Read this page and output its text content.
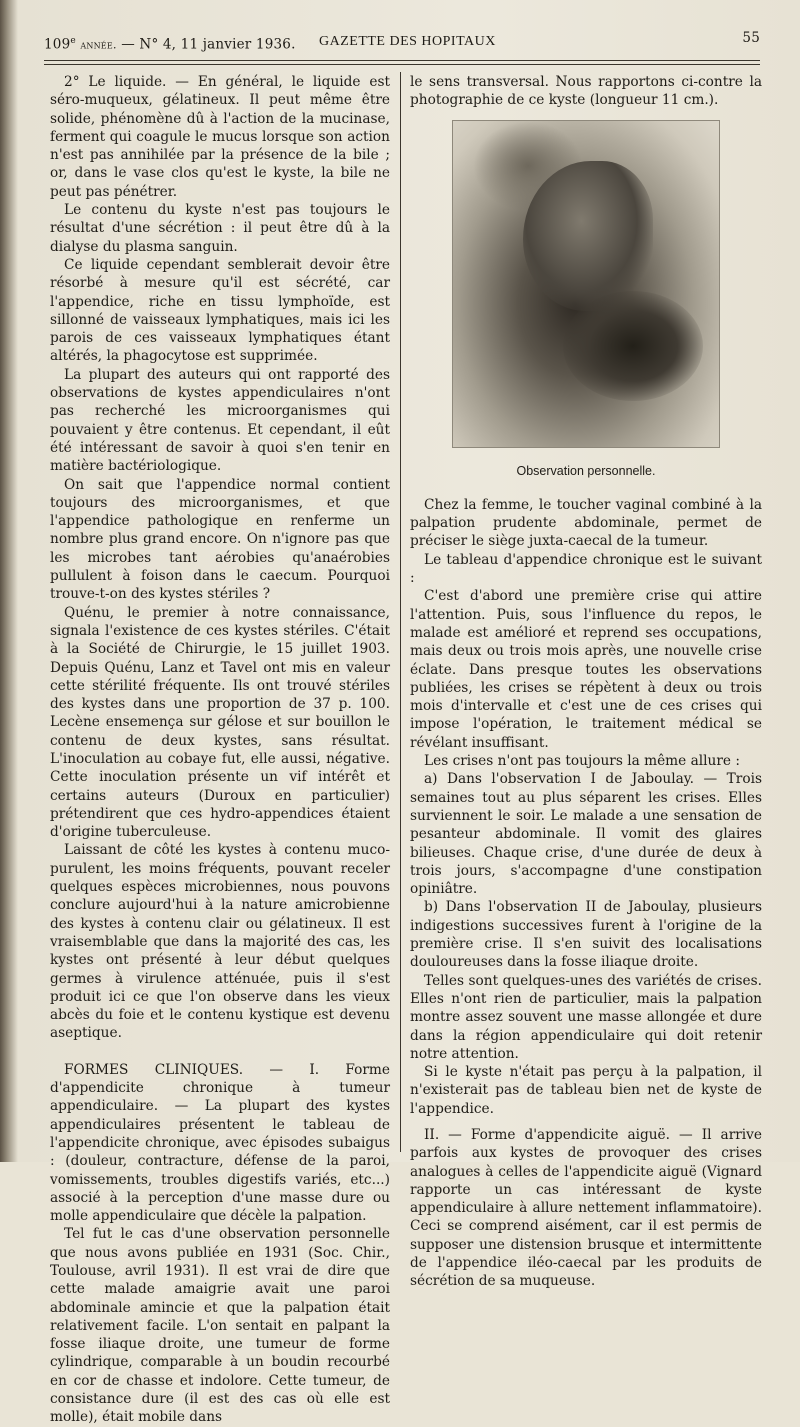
109e année. — N° 4, 11 janvier 1936. GAZETTE DES HOPITAUX	55

2° Le liquide. — En général, le liquide est séro-muqueux, gélatineux. Il peut même être solide, phénomène dû à l'action de la mucinase, ferment qui coagule le mucus lorsque son action n'est pas annihilée par la présence de la bile ; or, dans le vase clos qu'est le kyste, la bile ne peut pas pénétrer.

Le contenu du kyste n'est pas toujours le résultat d'une sécrétion : il peut être dû à la dialyse du plasma sanguin.

Ce liquide cependant semblerait devoir être résorbé à mesure qu'il est sécrété, car l'appendice, riche en tissu lymphoïde, est sillonné de vaisseaux lymphatiques, mais ici les parois de ces vaisseaux lymphatiques étant altérés, la phagocytose est supprimée.

La plupart des auteurs qui ont rapporté des observations de kystes appendiculaires n'ont pas recherché les microorganismes qui pouvaient y être contenus. Et cependant, il eût été intéressant de savoir à quoi s'en tenir en matière bactériologique.

On sait que l'appendice normal contient toujours des microorganismes, et que l'appendice pathologique en renferme un nombre plus grand encore. On n'ignore pas que les microbes tant aérobies qu'anaérobies pullulent à foison dans le caecum. Pourquoi trouve-t-on des kystes stériles ?

Quénu, le premier à notre connaissance, signala l'existence de ces kystes stériles. C'était à la Société de Chirurgie, le 15 juillet 1903. Depuis Quénu, Lanz et Tavel ont mis en valeur cette stérilité fréquente. Ils ont trouvé stériles des kystes dans une proportion de 37 p. 100. Lecène ensemença sur gélose et sur bouillon le contenu de deux kystes, sans résultat. L'inoculation au cobaye fut, elle aussi, négative. Cette inoculation présente un vif intérêt et certains auteurs (Duroux en particulier) prétendirent que ces hydro-appendices étaient d'origine tuberculeuse.

Laissant de côté les kystes à contenu muco-purulent, les moins fréquents, pouvant receler quelques espèces microbiennes, nous pouvons conclure aujourd'hui à la nature amicrobienne des kystes à contenu clair ou gélatineux. Il est vraisemblable que dans la majorité des cas, les kystes ont présenté à leur début quelques germes à virulence atténuée, puis il s'est produit ici ce que l'on observe dans les vieux abcès du foie et le contenu kystique est devenu aseptique.

FORMES CLINIQUES. — I. Forme d'appendicite chronique à tumeur appendiculaire. — La plupart des kystes appendiculaires présentent le tableau de l'appendicite chronique, avec épisodes subaigus : (douleur, contracture, défense de la paroi, vomissements, troubles digestifs variés, etc...) associé à la perception d'une masse dure ou molle appendiculaire que décèle la palpation.

Tel fut le cas d'une observation personnelle que nous avons publiée en 1931 (Soc. Chir., Toulouse, avril 1931). Il est vrai de dire que cette malade amaigrie avait une paroi abdominale amincie et que la palpation était relativement facile. L'on sentait en palpant la fosse iliaque droite, une tumeur de forme cylindrique, comparable à un boudin recourbé en cor de chasse et indolore. Cette tumeur, de consistance dure (il est des cas où elle est molle), était mobile dans

le sens transversal. Nous rapportons ci-contre la photographie de ce kyste (longueur 11 cm.).

Observation personnelle.

Chez la femme, le toucher vaginal combiné à la palpation prudente abdominale, permet de préciser le siège juxta-caecal de la tumeur.

Le tableau d'appendice chronique est le suivant :

C'est d'abord une première crise qui attire l'attention. Puis, sous l'influence du repos, le malade est amélioré et reprend ses occupations, mais deux ou trois mois après, une nouvelle crise éclate. Dans presque toutes les observations publiées, les crises se répètent à deux ou trois mois d'intervalle et c'est une de ces crises qui impose l'opération, le traitement médical se révélant insuffisant.

Les crises n'ont pas toujours la même allure :

a) Dans l'observation I de Jaboulay. — Trois semaines tout au plus séparent les crises. Elles surviennent le soir. Le malade a une sensation de pesanteur abdominale. Il vomit des glaires bilieuses. Chaque crise, d'une durée de deux à trois jours, s'accompagne d'une constipation opiniâtre.

b) Dans l'observation II de Jaboulay, plusieurs indigestions successives furent à l'origine de la première crise. Il s'en suivit des localisations douloureuses dans la fosse iliaque droite.

Telles sont quelques-unes des variétés de crises. Elles n'ont rien de particulier, mais la palpation montre assez souvent une masse allongée et dure dans la région appendiculaire qui doit retenir notre attention.

Si le kyste n'était pas perçu à la palpation, il n'existerait pas de tableau bien net de kyste de l'appendice.

II. — Forme d'appendicite aiguë. — Il arrive parfois aux kystes de provoquer des crises analogues à celles de l'appendicite aiguë (Vignard rapporte un cas intéressant de kyste appendiculaire à allure nettement inflammatoire). Ceci se comprend aisément, car il est permis de supposer une distension brusque et intermittente de l'appendice iléo-caecal par les produits de sécrétion de sa muqueuse.
